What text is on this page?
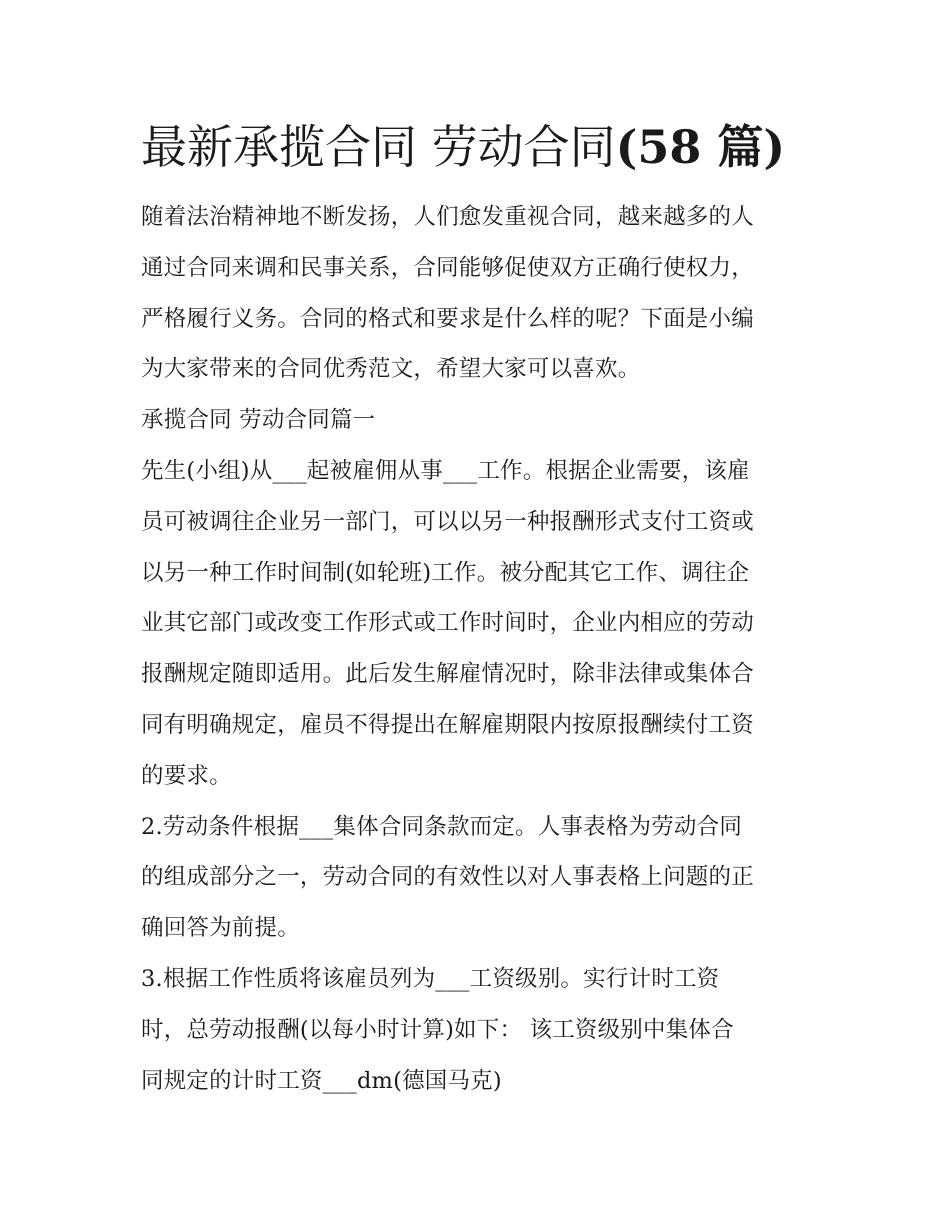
最新承揽合同 劳动合同(58 篇)

随着法治精神地不断发扬，人们愈发重视合同，越来越多的人
通过合同来调和民事关系，合同能够促使双方正确行使权力，
严格履行义务。合同的格式和要求是什么样的呢？下面是小编
为大家带来的合同优秀范文，希望大家可以喜欢。

承揽合同 劳动合同篇一

先生(小组)从___起被雇佣从事___工作。根据企业需要，该雇
员可被调往企业另一部门，可以以另一种报酬形式支付工资或
以另一种工作时间制(如轮班)工作。被分配其它工作、调往企
业其它部门或改变工作形式或工作时间时，企业内相应的劳动
报酬规定随即适用。此后发生解雇情况时，除非法律或集体合
同有明确规定，雇员不得提出在解雇期限内按原报酬续付工资
的要求。

2.劳动条件根据___集体合同条款而定。人事表格为劳动合同
的组成部分之一，劳动合同的有效性以对人事表格上问题的正
确回答为前提。

3.根据工作性质将该雇员列为___工资级别。实行计时工资
时，总劳动报酬(以每小时计算)如下： 该工资级别中集体合
同规定的计时工资___dm(德国马克)
